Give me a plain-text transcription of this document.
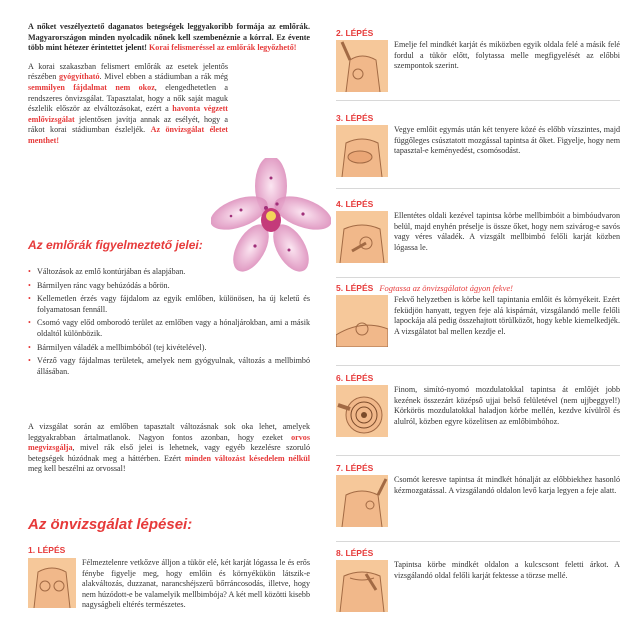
A nőket veszélyeztető daganatos betegségek leggyakoribb formája az emlőrák. Magyarországon minden nyolcadik nőnek kell szembenéznie a kórral. Ez évente több mint hétezer érintettet jelent! Korai felismeréssel az emlőrák legyőzhető!

A korai szakaszban felismert emlőrák az esetek jelentős részében gyógyítható. Mivel ebben a stádiumban a rák még semmilyen fájdalmat nem okoz, elengedhetetlen a rendszeres önvizsgálat. Tapasztalat, hogy a nők saját maguk észlelik először az elváltozásokat, ezért a havonta végzett emlővizsgálat jelentősen javítja annak az esélyét, hogy a rákot korai stádiumban észleljék. Az önvizsgálat életet menthet!

Az emlőrák figyelmeztető jelei:
• Változások az emlő kontúrjában és alapjában.
• Bármilyen ránc vagy behúzódás a bőrön.
• Kellemetlen érzés vagy fájdalom az egyik emlőben, különösen, ha új keletű és folyamatosan fennáll.
• Csomó vagy előd omborodó terület az emlőben vagy a hónaljárokban, ami a másik oldaltól különbözik.
• Bármilyen váladék a mellbimbóból (tej kivételével).
• Vérző vagy fájdalmas területek, amelyek nem gyógyulnak, változás a mellbimbó állásában.

A vizsgálat során az emlőben tapasztalt változásnak sok oka lehet, amelyek leggyakrabban ártalmatlanok. Nagyon fontos azonban, hogy ezeket orvos megvizsgálja, mivel rák első jelei is lehetnek, vagy egyéb kezelésre szoruló betegségek húzódnak meg a háttérben. Ezért minden változást késedelem nélkül meg kell beszélni az orvossal!

Az önvizsgálat lépései:
1. LÉPÉS

Félmeztelenre vetkőzve álljon a tükör elé, két karját lógassa le és erős fénybe figyelje meg, hogy emlőin és környékükön látszik-e alakváltozás, duzzanat, narancshéjszerű bőrráncosodás, illetve, hogy nem húzódott-e be valamelyik mellbimbója? A két mell közötti kisebb nagyságbeli eltérés természetes.

2. LÉPÉS

Emelje fel mindkét karját és miközben egyik oldala felé a másik felé fordul a tükör előtt, folytassa melle megfigyelését az előbbi szempontok szerint.

3. LÉPÉS

Vegye emlőit egymás után két tenyere közé és előbb vízszintes, majd függőleges csúsztatott mozgással tapintsa át őket. Figyelje, hogy nem tapasztal-e keményedést, csomósodást.

4. LÉPÉS

Ellentétes oldali kezével tapintsa körbe mellbimbóit a bimbóudvaron belül, majd enyhén préselje is össze őket, hogy nem szivárog-e savós vagy véres váladék. A vizsgált mellbimbó felőli karját közben lógassa le.

5. LÉPÉS Fogtassa az önvizsgálatot ágyon fekve!

Fekvő helyzetben is körbe kell tapintania emlőit és környékeit. Ezért feküdjön hanyatt, tegyen feje alá kispárnát, vizsgálandó melle felőli lapockája alá pedig összehajtott törülközőt, hogy keble kiemelkedjék. A vizsgálatot bal mellen kezdje el.

6. LÉPÉS

Finom, simító-nyomó mozdulatokkal tapintsa át emlőjét jobb kezének összezárt középső ujjai belső felületével (nem ujjbeggyel!) Körkörös mozdulatokkal haladjon körbe mellén, kezdve kívülről és alulról, közben egyre közelítsen az emlőbimbóhoz.

7. LÉPÉS

Csomót keresve tapintsa át mindkét hónalját az előbbiekhez hasonló kézmozgatással. A vizsgálandó oldalon levő karja legyen a feje alatt.

8. LÉPÉS

Tapintsa körbe mindkét oldalon a kulcscsont feletti árkot. A vizsgálandó oldal felőli karját fektesse a törzse mellé.
